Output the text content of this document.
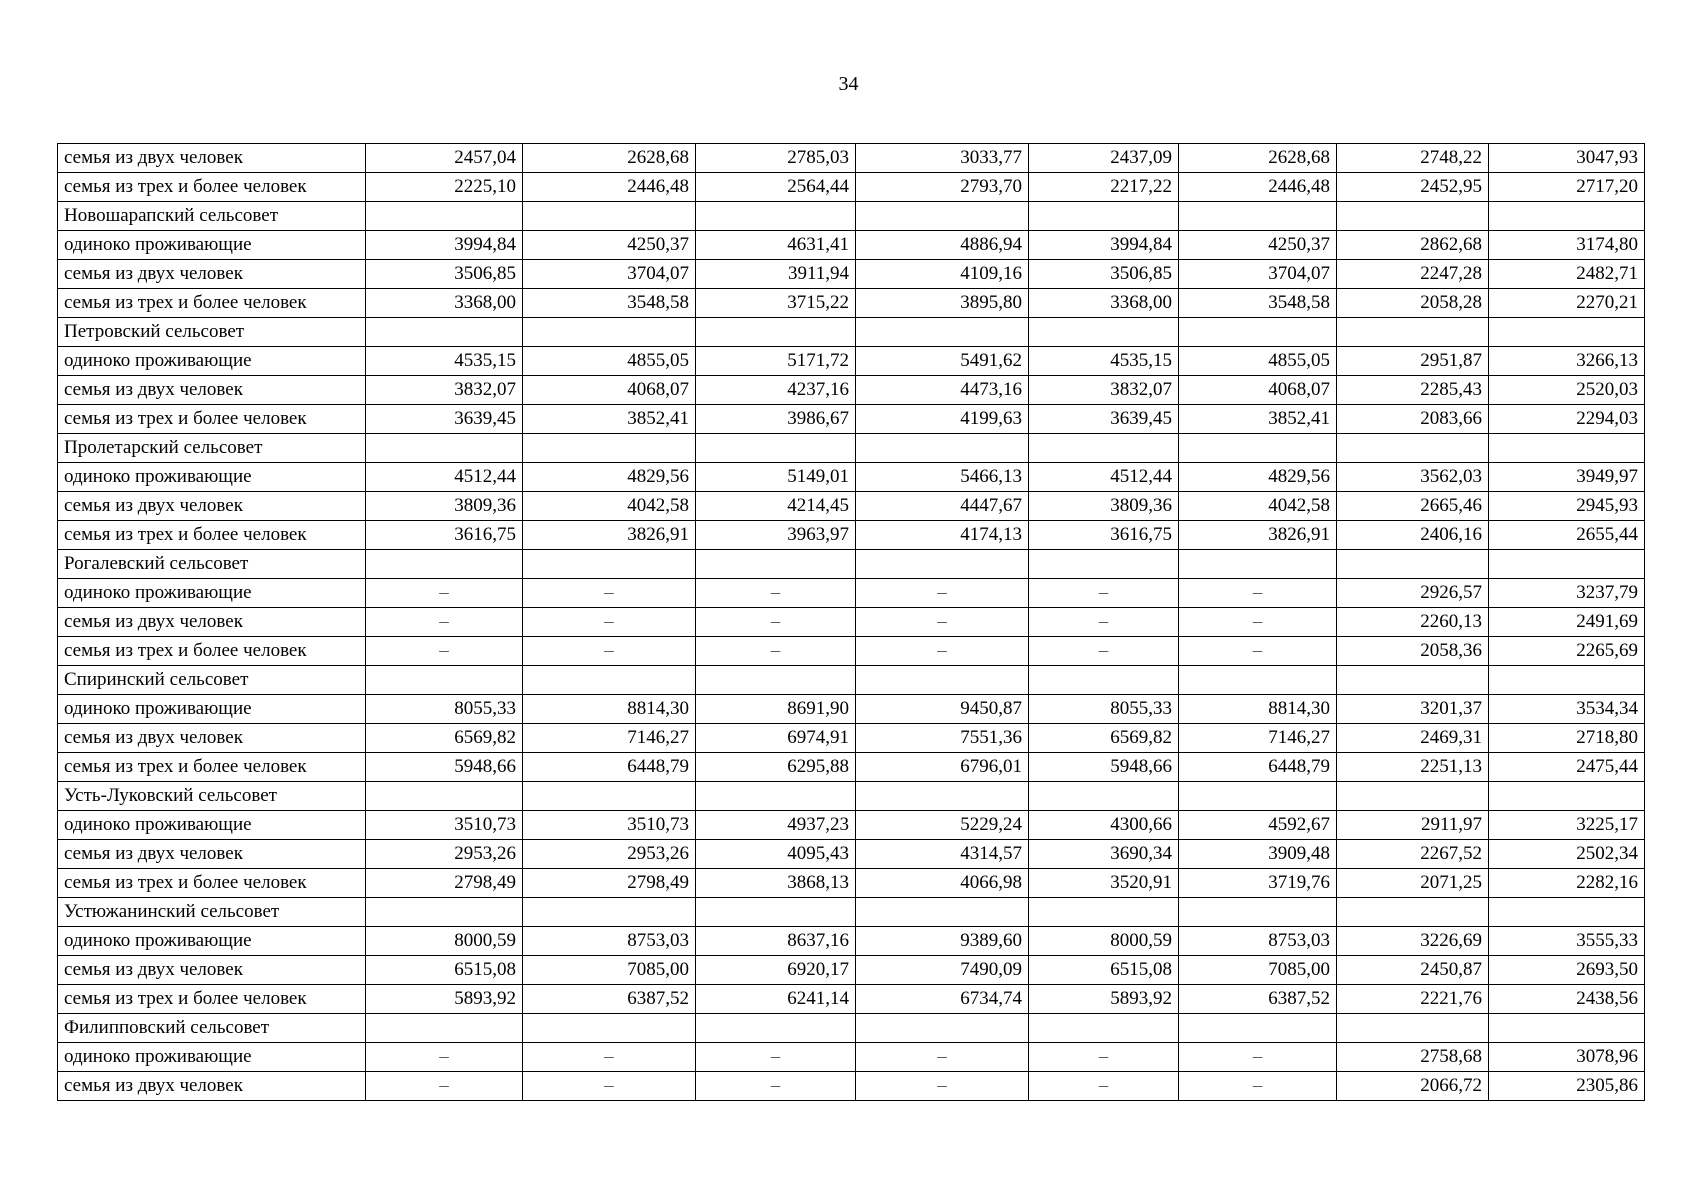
34
семья из двух человек	2457,04	2628,68	2785,03	3033,77	2437,09	2628,68	2748,22	3047,93
семья из трех и более человек	2225,10	2446,48	2564,44	2793,70	2217,22	2446,48	2452,95	2717,20
Новошарапский сельсовет								
одиноко проживающие	3994,84	4250,37	4631,41	4886,94	3994,84	4250,37	2862,68	3174,80
семья из двух человек	3506,85	3704,07	3911,94	4109,16	3506,85	3704,07	2247,28	2482,71
семья из трех и более человек	3368,00	3548,58	3715,22	3895,80	3368,00	3548,58	2058,28	2270,21
Петровский сельсовет								
одиноко проживающие	4535,15	4855,05	5171,72	5491,62	4535,15	4855,05	2951,87	3266,13
семья из двух человек	3832,07	4068,07	4237,16	4473,16	3832,07	4068,07	2285,43	2520,03
семья из трех и более человек	3639,45	3852,41	3986,67	4199,63	3639,45	3852,41	2083,66	2294,03
Пролетарский сельсовет								
одиноко проживающие	4512,44	4829,56	5149,01	5466,13	4512,44	4829,56	3562,03	3949,97
семья из двух человек	3809,36	4042,58	4214,45	4447,67	3809,36	4042,58	2665,46	2945,93
семья из трех и более человек	3616,75	3826,91	3963,97	4174,13	3616,75	3826,91	2406,16	2655,44
Рогалевский сельсовет								
одиноко проживающие	–	–	–	–	–	–	2926,57	3237,79
семья из двух человек	–	–	–	–	–	–	2260,13	2491,69
семья из трех и более человек	–	–	–	–	–	–	2058,36	2265,69
Спиринский сельсовет								
одиноко проживающие	8055,33	8814,30	8691,90	9450,87	8055,33	8814,30	3201,37	3534,34
семья из двух человек	6569,82	7146,27	6974,91	7551,36	6569,82	7146,27	2469,31	2718,80
семья из трех и более человек	5948,66	6448,79	6295,88	6796,01	5948,66	6448,79	2251,13	2475,44
Усть-Луковский сельсовет								
одиноко проживающие	3510,73	3510,73	4937,23	5229,24	4300,66	4592,67	2911,97	3225,17
семья из двух человек	2953,26	2953,26	4095,43	4314,57	3690,34	3909,48	2267,52	2502,34
семья из трех и более человек	2798,49	2798,49	3868,13	4066,98	3520,91	3719,76	2071,25	2282,16
Устюжанинский сельсовет								
одиноко проживающие	8000,59	8753,03	8637,16	9389,60	8000,59	8753,03	3226,69	3555,33
семья из двух человек	6515,08	7085,00	6920,17	7490,09	6515,08	7085,00	2450,87	2693,50
семья из трех и более человек	5893,92	6387,52	6241,14	6734,74	5893,92	6387,52	2221,76	2438,56
Филипповский сельсовет								
одиноко проживающие	–	–	–	–	–	–	2758,68	3078,96
семья из двух человек	–	–	–	–	–	–	2066,72	2305,86
